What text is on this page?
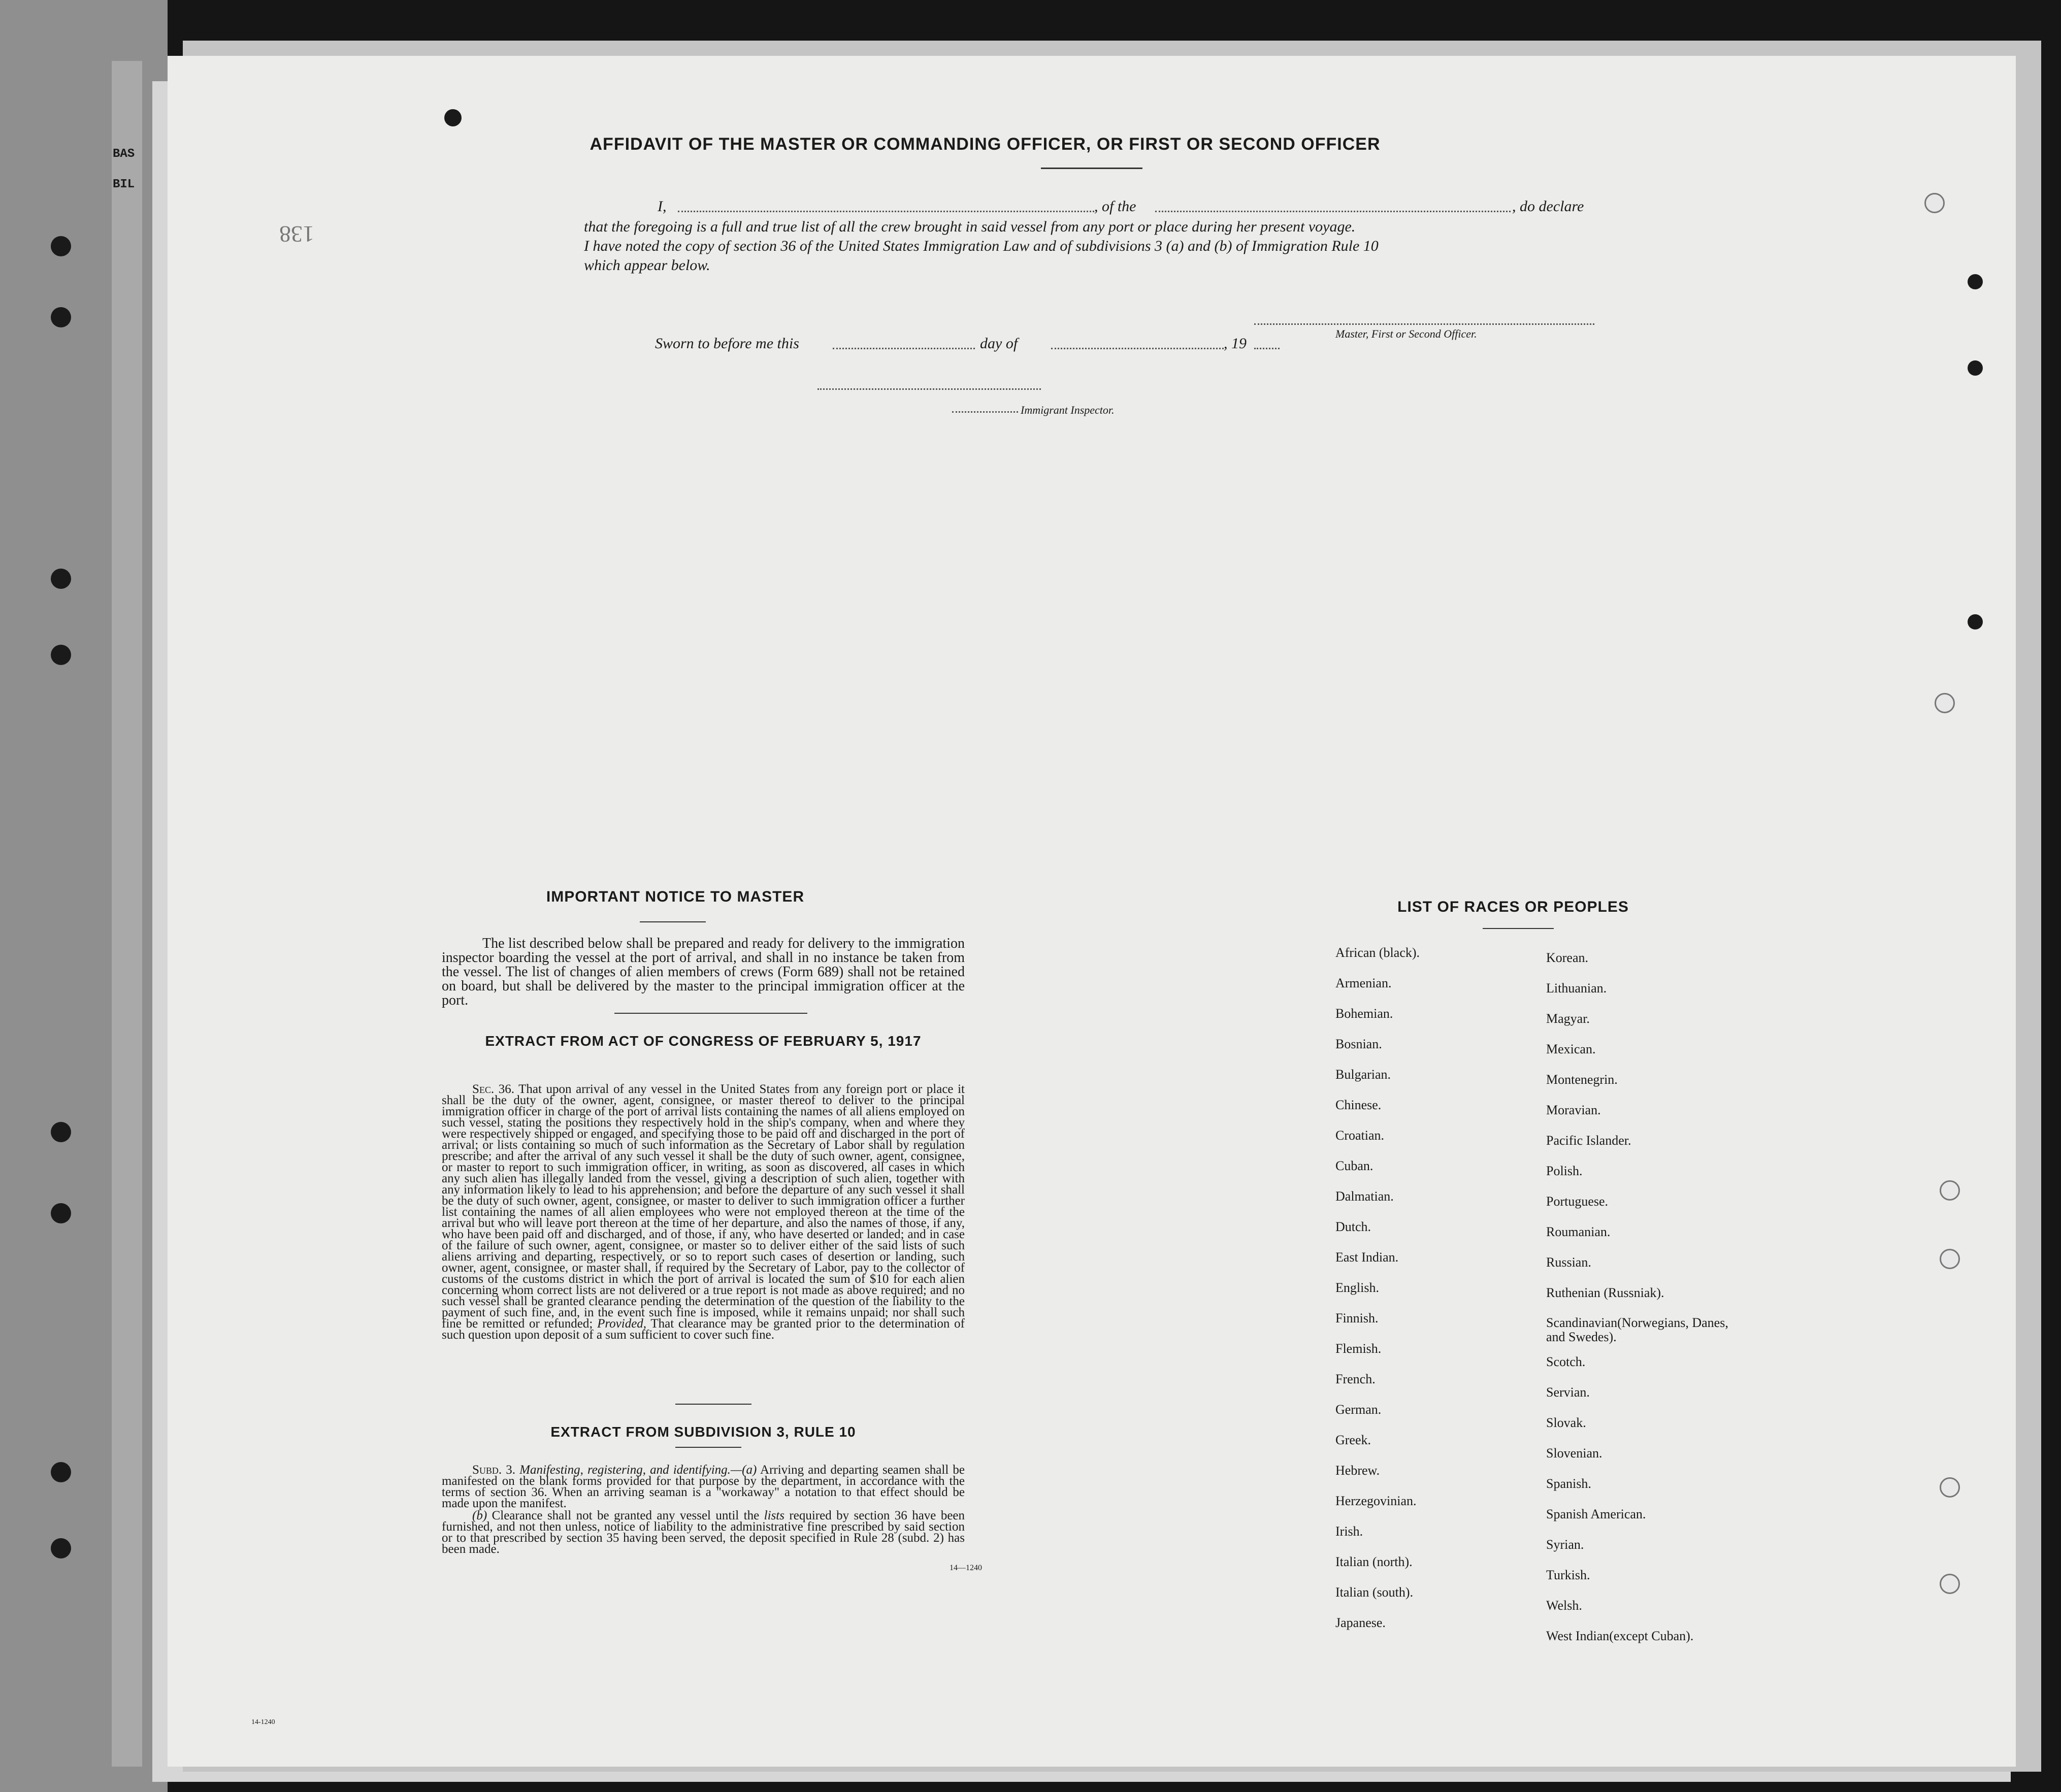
BAS
BIL
138
AFFIDAVIT OF THE MASTER OR COMMANDING OFFICER, OR FIRST OR SECOND OFFICER
I,	, of the	, do declare
that the foregoing is a full and true list of all the crew brought in said vessel from any port or place during her present voyage.
I have noted the copy of section 36 of the United States Immigration Law and of subdivisions 3 (a) and (b) of Immigration Rule 10
which appear below.
Master, First or Second Officer.
Sworn to before me this	day of	, 19
Immigrant Inspector.
IMPORTANT NOTICE TO MASTER
The list described below shall be prepared and ready for delivery to the immigration inspector boarding the vessel at the port of arrival, and shall in no instance be taken from the vessel. The list of changes of alien members of crews (Form 689) shall not be retained on board, but shall be delivered by the master to the principal immigration officer at the port.
EXTRACT FROM ACT OF CONGRESS OF FEBRUARY 5, 1917
Sec. 36. That upon arrival of any vessel in the United States from any foreign port or place it shall be the duty of the owner, agent, consignee, or master thereof to deliver to the principal immigration officer in charge of the port of arrival lists containing the names of all aliens employed on such vessel, stating the positions they respectively hold in the ship's company, when and where they were respectively shipped or engaged, and specifying those to be paid off and discharged in the port of arrival; or lists containing so much of such information as the Secretary of Labor shall by regulation prescribe; and after the arrival of any such vessel it shall be the duty of such owner, agent, consignee, or master to report to such immigration officer, in writing, as soon as discovered, all cases in which any such alien has illegally landed from the vessel, giving a description of such alien, together with any information likely to lead to his apprehension; and before the departure of any such vessel it shall be the duty of such owner, agent, consignee, or master to deliver to such immigration officer a further list containing the names of all alien employees who were not employed thereon at the time of the arrival but who will leave port thereon at the time of her departure, and also the names of those, if any, who have been paid off and discharged, and of those, if any, who have deserted or landed; and in case of the failure of such owner, agent, consignee, or master so to deliver either of the said lists of such aliens arriving and departing, respectively, or so to report such cases of desertion or landing, such owner, agent, consignee, or master shall, if required by the Secretary of Labor, pay to the collector of customs of the customs district in which the port of arrival is located the sum of $10 for each alien concerning whom correct lists are not delivered or a true report is not made as above required; and no such vessel shall be granted clearance pending the determination of the question of the liability to the payment of such fine, and, in the event such fine is imposed, while it remains unpaid; nor shall such fine be remitted or refunded; Provided, That clearance may be granted prior to the determination of such question upon deposit of a sum sufficient to cover such fine.
EXTRACT FROM SUBDIVISION 3, RULE 10
Subd. 3. Manifesting, registering, and identifying.—(a) Arriving and departing seamen shall be manifested on the blank forms provided for that purpose by the department, in accordance with the terms of section 36. When an arriving seaman is a "workaway" a notation to that effect should be made upon the manifest.
(b) Clearance shall not be granted any vessel until the lists required by section 36 have been furnished, and not then unless, notice of liability to the administrative fine prescribed by said section or to that prescribed by section 35 having been served, the deposit specified in Rule 28 (subd. 2) has been made.
14—1240
LIST OF RACES OR PEOPLES
African (black).
Armenian.
Bohemian.
Bosnian.
Bulgarian.
Chinese.
Croatian.
Cuban.
Dalmatian.
Dutch.
East Indian.
English.
Finnish.
Flemish.
French.
German.
Greek.
Hebrew.
Herzegovinian.
Irish.
Italian (north).
Italian (south).
Japanese.
Korean.
Lithuanian.
Magyar.
Mexican.
Montenegrin.
Moravian.
Pacific Islander.
Polish.
Portuguese.
Roumanian.
Russian.
Ruthenian (Russniak).
Scandinavian(Norwegians, Danes, and Swedes).
Scotch.
Servian.
Slovak.
Slovenian.
Spanish.
Spanish American.
Syrian.
Turkish.
Welsh.
West Indian(except Cuban).
14-1240
